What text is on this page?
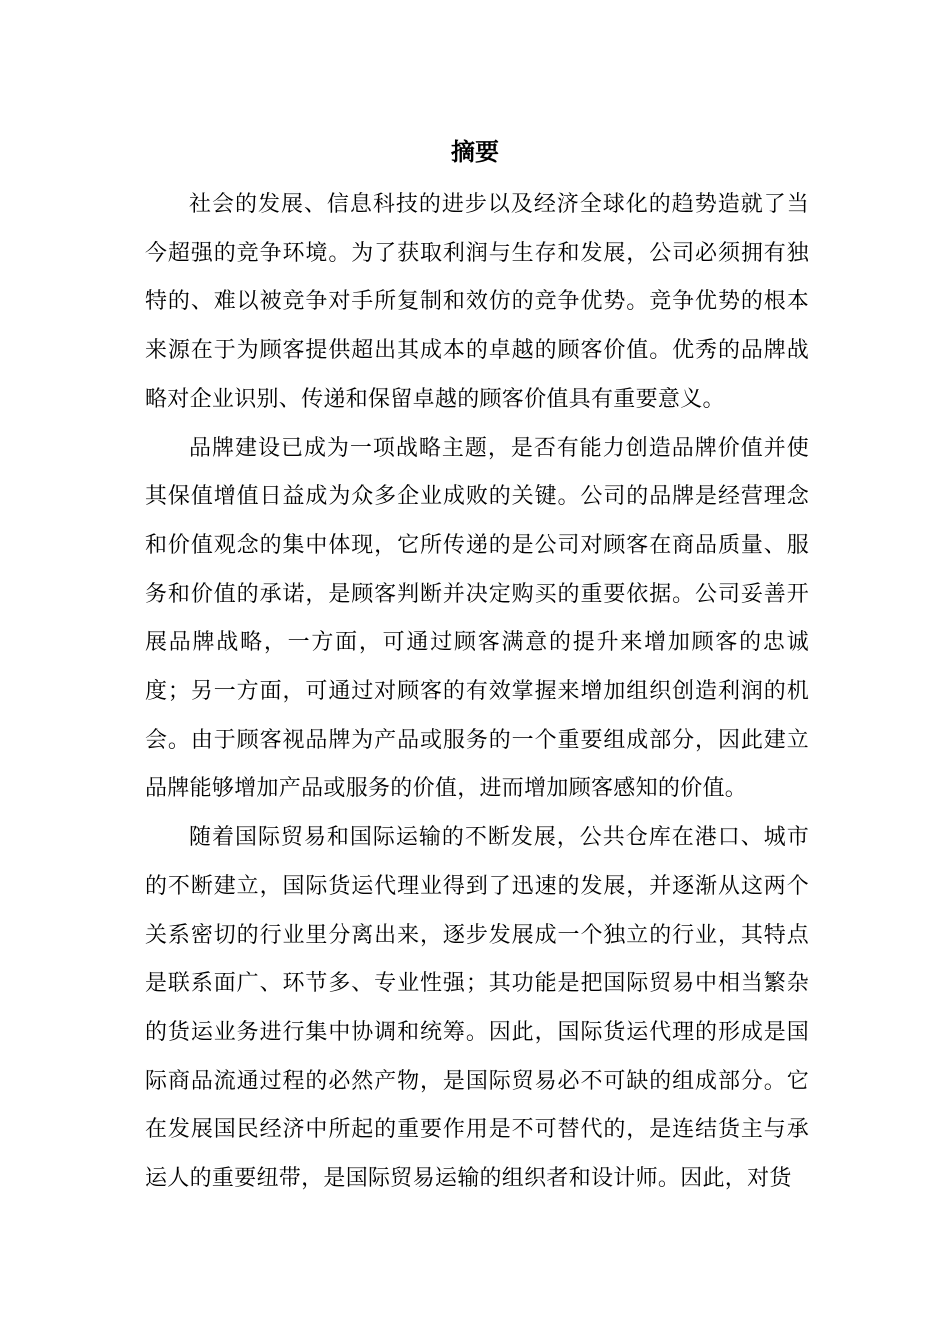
摘要

社会的发展、信息科技的进步以及经济全球化的趋势造就了当今超强的竞争环境。为了获取利润与生存和发展，公司必须拥有独特的、难以被竞争对手所复制和效仿的竞争优势。竞争优势的根本来源在于为顾客提供超出其成本的卓越的顾客价值。优秀的品牌战略对企业识别、传递和保留卓越的顾客价值具有重要意义。

品牌建设已成为一项战略主题，是否有能力创造品牌价值并使其保值增值日益成为众多企业成败的关键。公司的品牌是经营理念和价值观念的集中体现，它所传递的是公司对顾客在商品质量、服务和价值的承诺，是顾客判断并决定购买的重要依据。公司妥善开展品牌战略，一方面，可通过顾客满意的提升来增加顾客的忠诚度；另一方面，可通过对顾客的有效掌握来增加组织创造利润的机会。由于顾客视品牌为产品或服务的一个重要组成部分，因此建立品牌能够增加产品或服务的价值，进而增加顾客感知的价值。

随着国际贸易和国际运输的不断发展，公共仓库在港口、城市的不断建立，国际货运代理业得到了迅速的发展，并逐渐从这两个关系密切的行业里分离出来，逐步发展成一个独立的行业，其特点是联系面广、环节多、专业性强；其功能是把国际贸易中相当繁杂的货运业务进行集中协调和统筹。因此，国际货运代理的形成是国际商品流通过程的必然产物，是国际贸易必不可缺的组成部分。它在发展国民经济中所起的重要作用是不可替代的，是连结货主与承运人的重要纽带，是国际贸易运输的组织者和设计师。因此，对货
